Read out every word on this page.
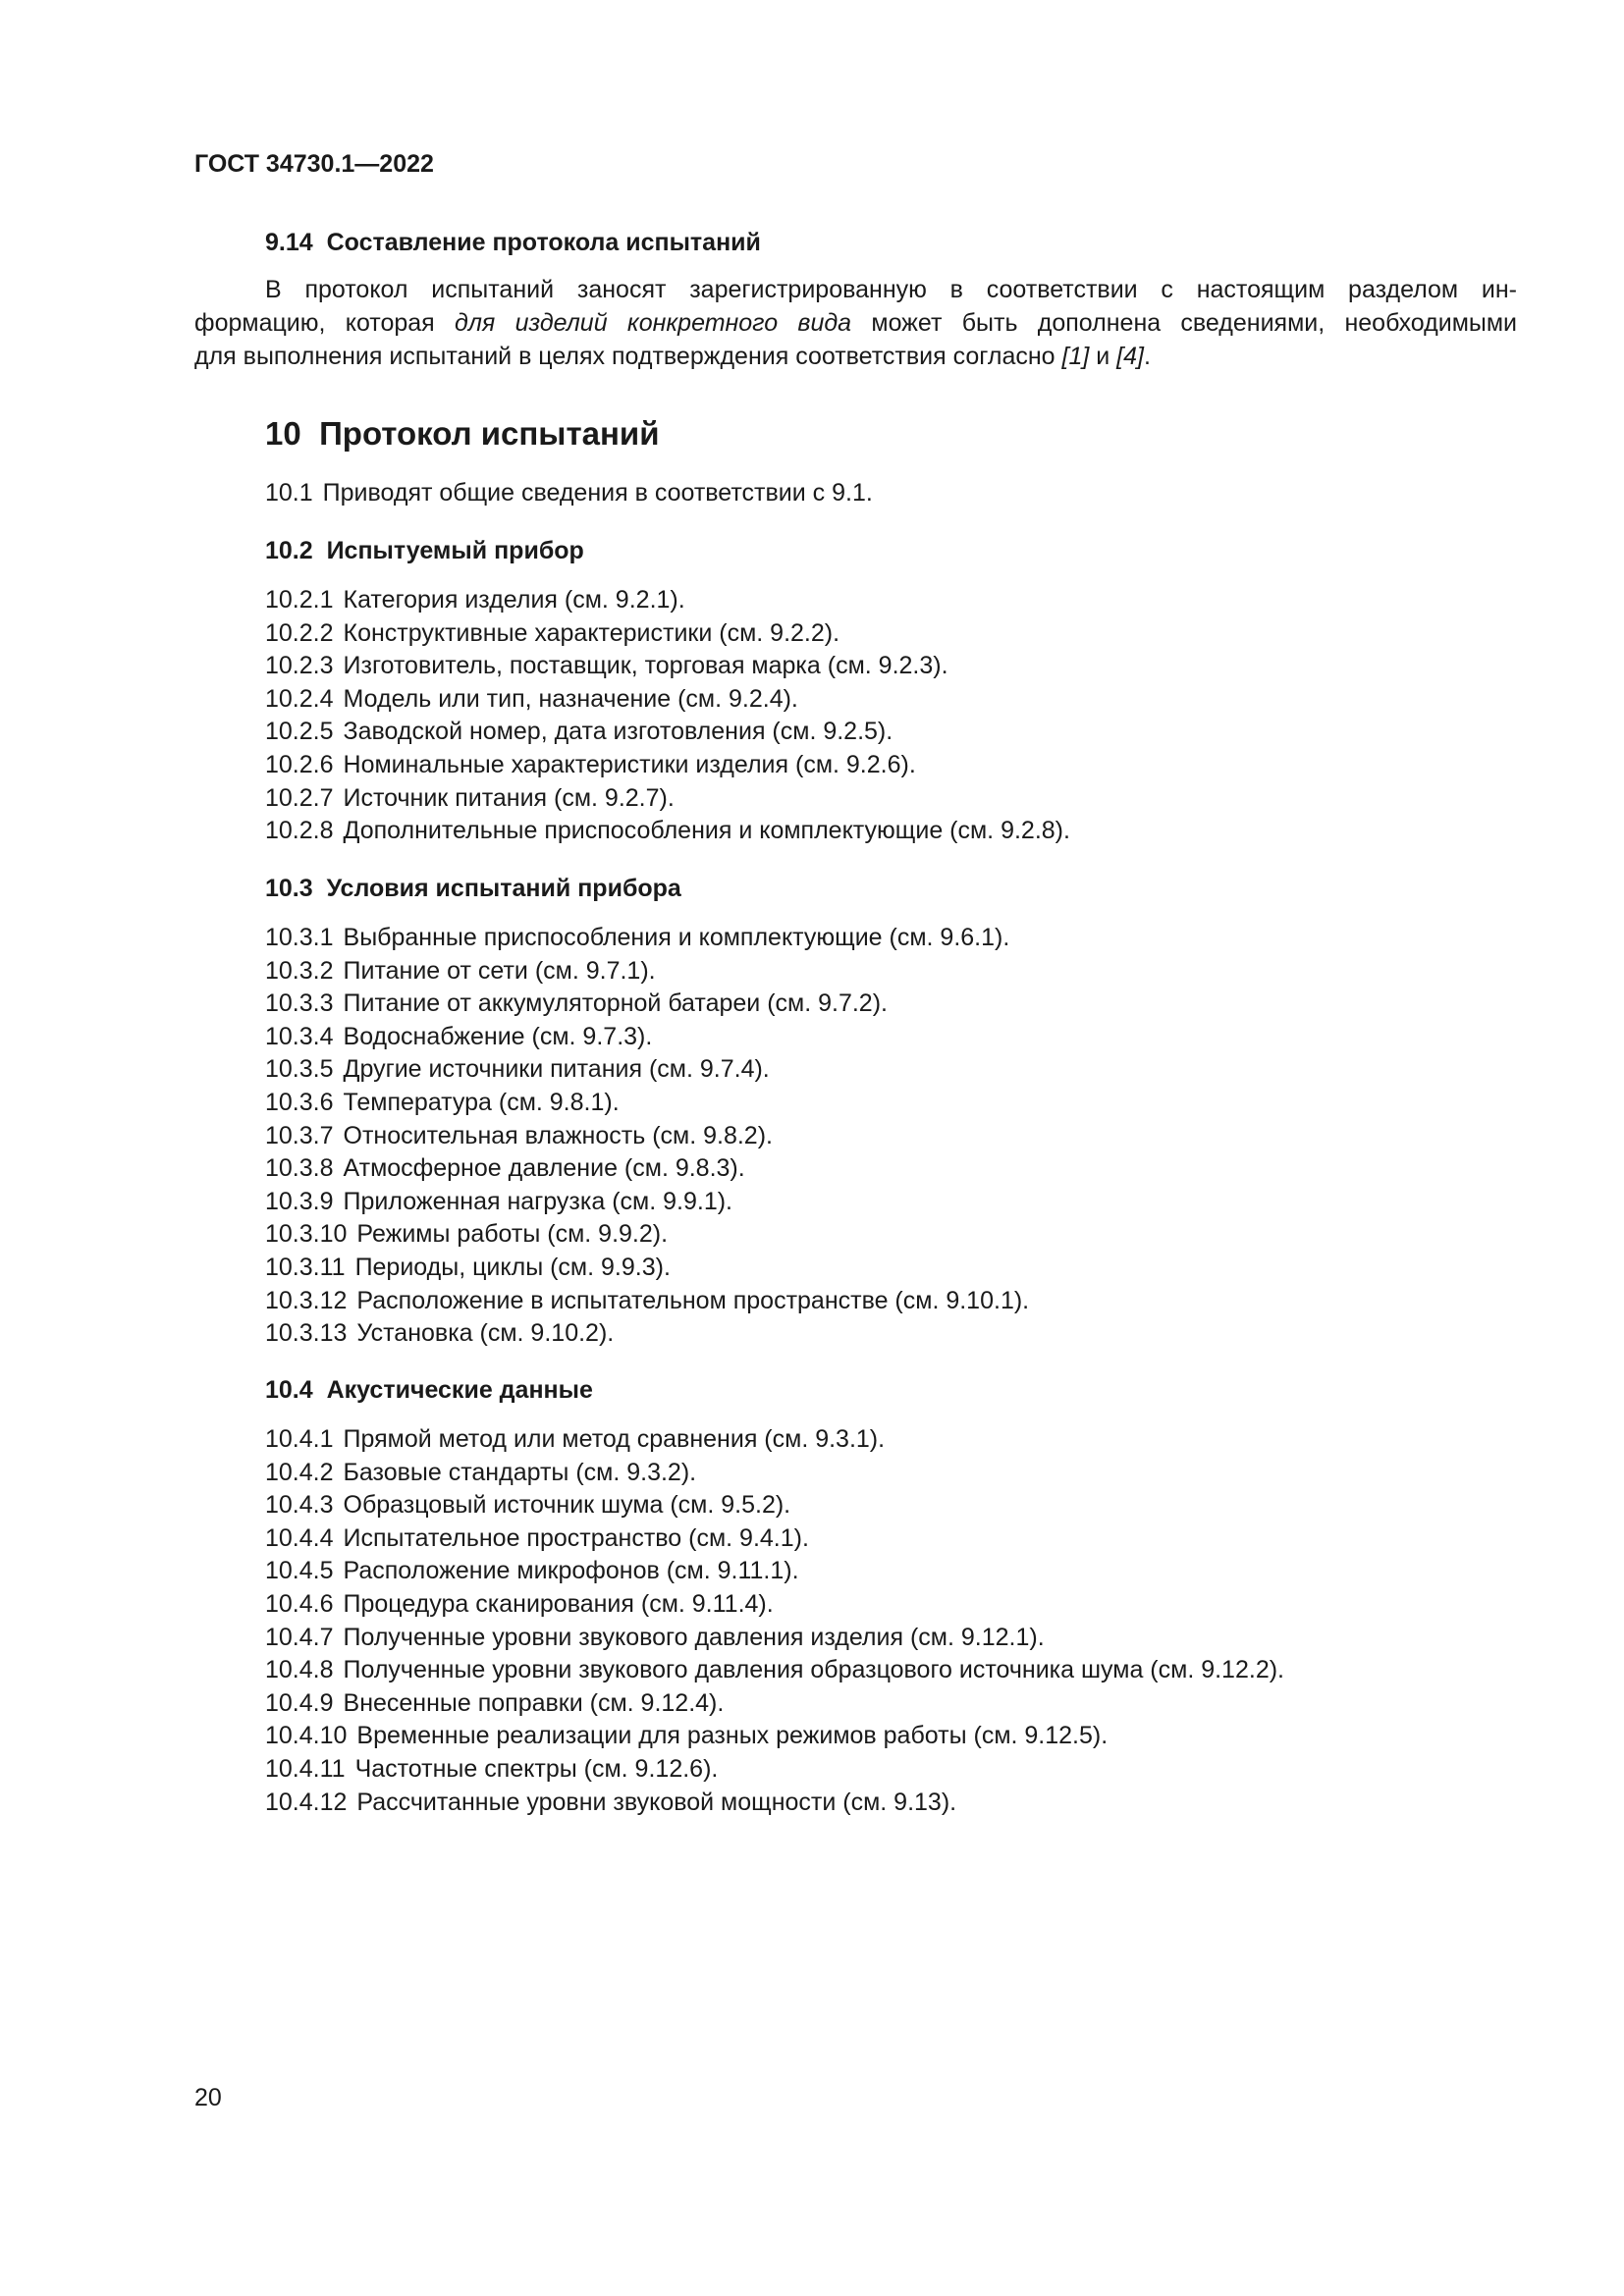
ГОСТ 34730.1—2022
9.14 Составление протокола испытаний

В протокол испытаний заносят зарегистрированную в соответствии с настоящим разделом ин-
формацию, которая для изделий конкретного вида может быть дополнена сведениями, необходимыми
для выполнения испытаний в целях подтверждения соответствия согласно [1] и [4].

10 Протокол испытаний
10.1 Приводят общие сведения в соответствии с 9.1.
10.2 Испытуемый прибор
10.2.1 Категория изделия (см. 9.2.1).
10.2.2 Конструктивные характеристики (см. 9.2.2).
10.2.3 Изготовитель, поставщик, торговая марка (см. 9.2.3).
10.2.4 Модель или тип, назначение (см. 9.2.4).
10.2.5 Заводской номер, дата изготовления (см. 9.2.5).
10.2.6 Номинальные характеристики изделия (см. 9.2.6).
10.2.7 Источник питания (см. 9.2.7).
10.2.8 Дополнительные приспособления и комплектующие (см. 9.2.8).
10.3 Условия испытаний прибора
10.3.1 Выбранные приспособления и комплектующие (см. 9.6.1).
10.3.2 Питание от сети (см. 9.7.1).
10.3.3 Питание от аккумуляторной батареи (см. 9.7.2).
10.3.4 Водоснабжение (см. 9.7.3).
10.3.5 Другие источники питания (см. 9.7.4).
10.3.6 Температура (см. 9.8.1).
10.3.7 Относительная влажность (см. 9.8.2).
10.3.8 Атмосферное давление (см. 9.8.3).
10.3.9 Приложенная нагрузка (см. 9.9.1).
10.3.10 Режимы работы (см. 9.9.2).
10.3.11 Периоды, циклы (см. 9.9.3).
10.3.12 Расположение в испытательном пространстве (см. 9.10.1).
10.3.13 Установка (см. 9.10.2).
10.4 Акустические данные
10.4.1 Прямой метод или метод сравнения (см. 9.3.1).
10.4.2 Базовые стандарты (см. 9.3.2).
10.4.3 Образцовый источник шума (см. 9.5.2).
10.4.4 Испытательное пространство (см. 9.4.1).
10.4.5 Расположение микрофонов (см. 9.11.1).
10.4.6 Процедура сканирования (см. 9.11.4).
10.4.7 Полученные уровни звукового давления изделия (см. 9.12.1).
10.4.8 Полученные уровни звукового давления образцового источника шума (см. 9.12.2).
10.4.9 Внесенные поправки (см. 9.12.4).
10.4.10 Временные реализации для разных режимов работы (см. 9.12.5).
10.4.11 Частотные спектры (см. 9.12.6).
10.4.12 Рассчитанные уровни звуковой мощности (см. 9.13).
20
